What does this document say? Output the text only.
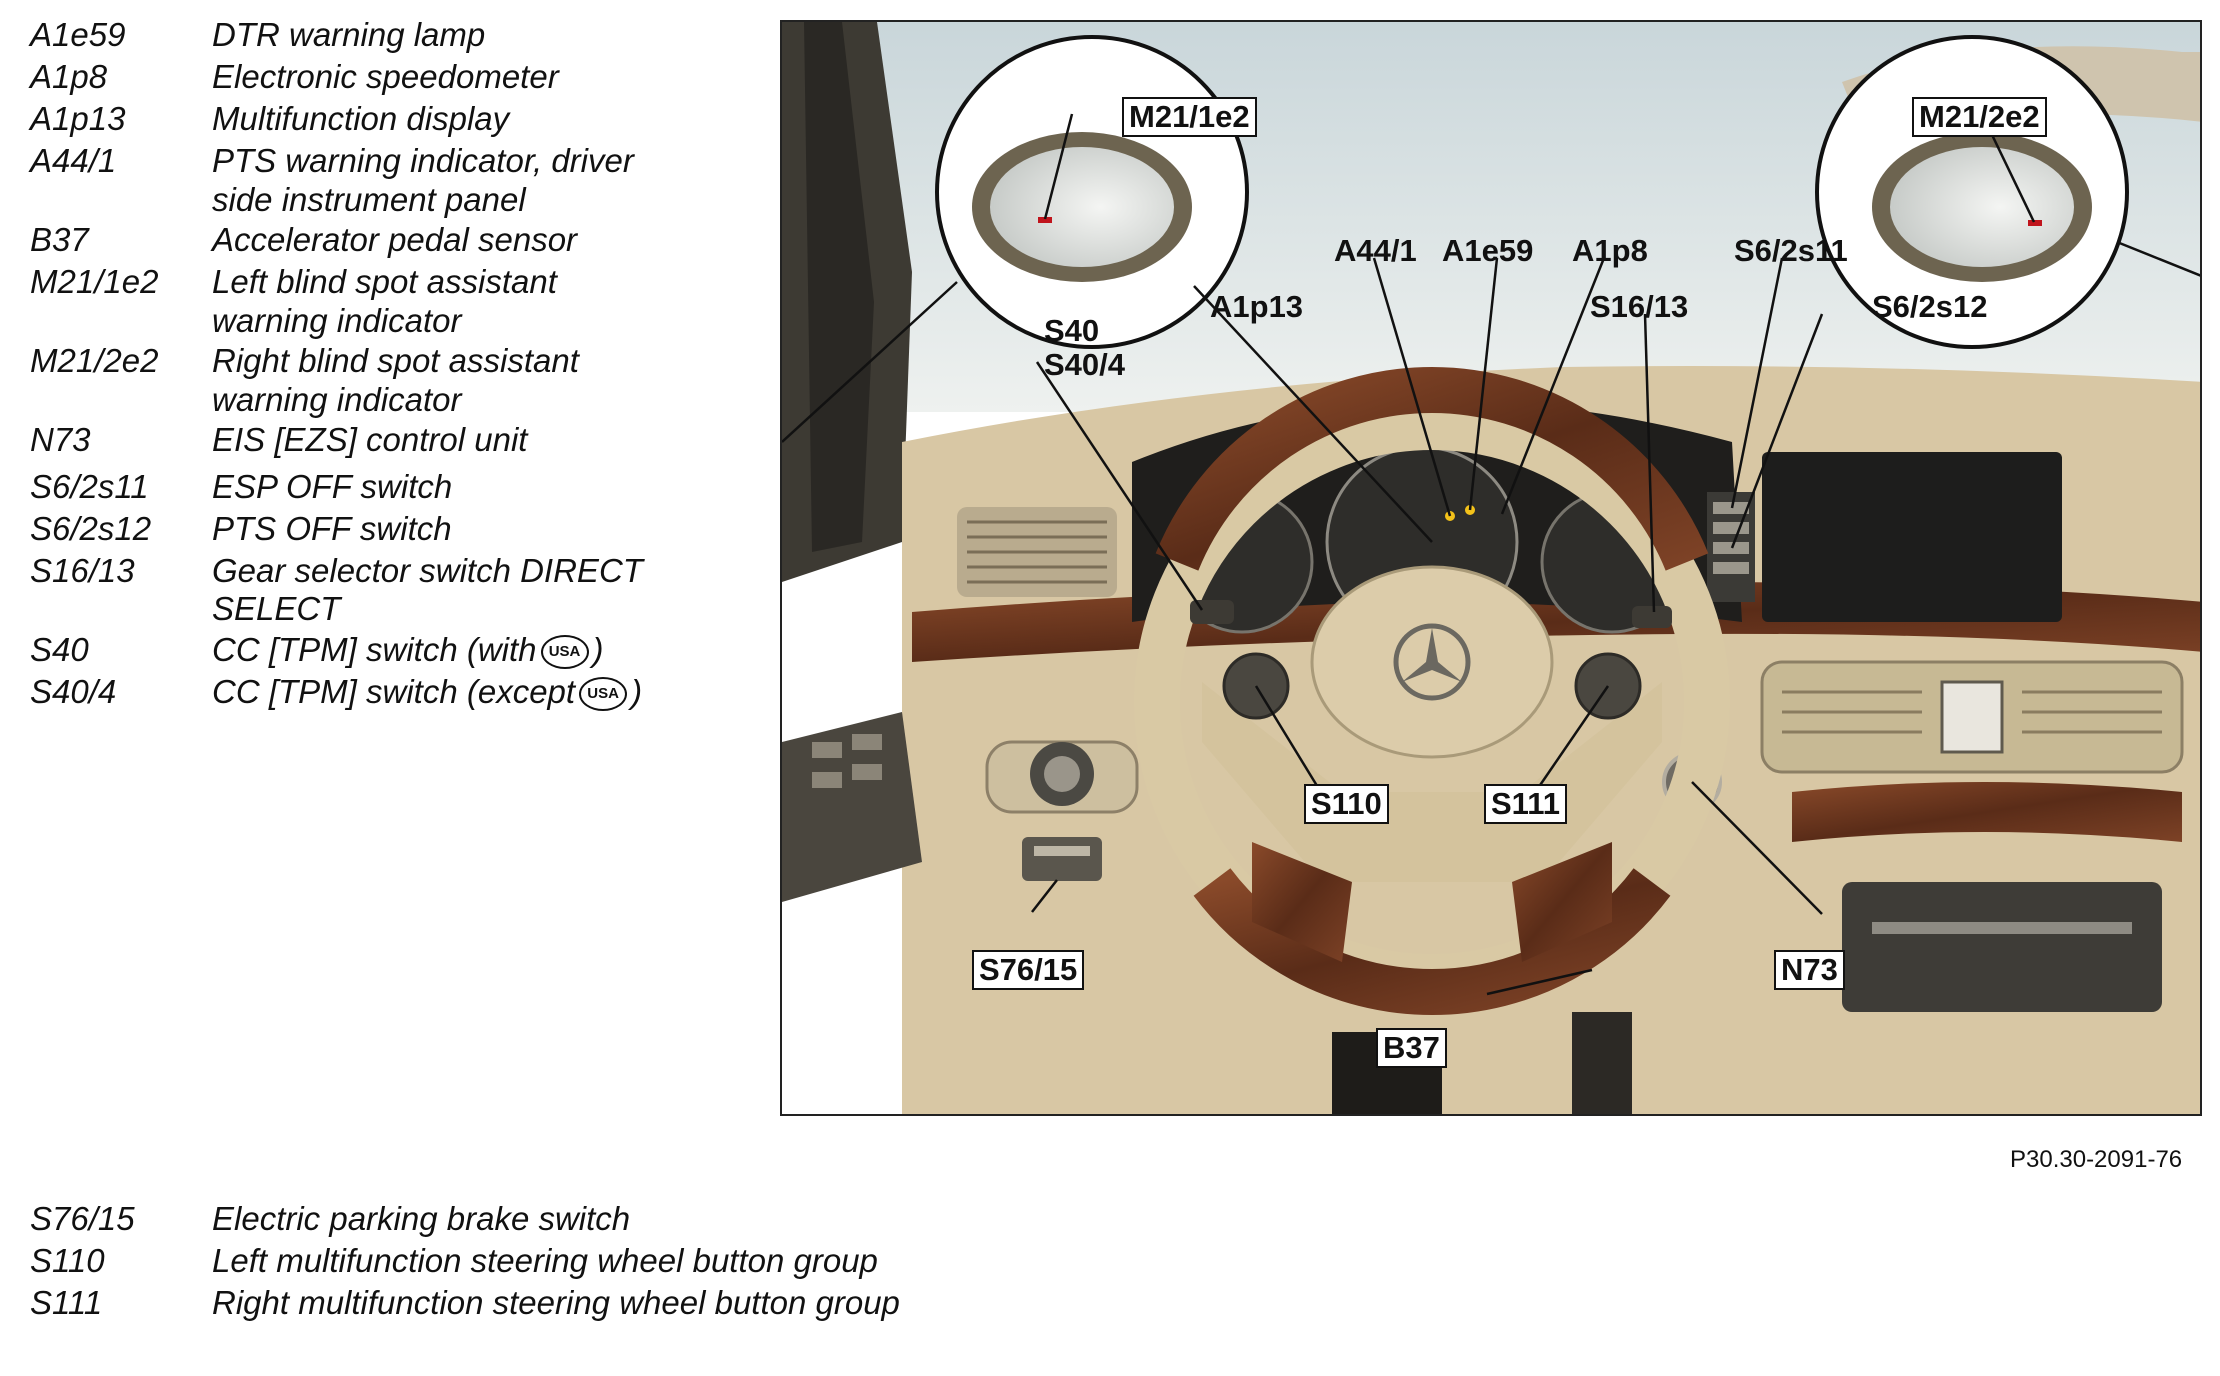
A1e59	DTR warning lamp
A1p8	Electronic speedometer
A1p13	Multifunction display
A44/1	PTS warning indicator, driver
side instrument panel
B37	Accelerator pedal sensor
M21/1e2 Left blind spot assistant
warning indicator
M21/2e2 Right blind spot assistant
warning indicator
N73	EIS [EZS] control unit
S6/2s11 ESP OFF switch
S6/2s12 PTS OFF switch
S16/13 Gear selector switch DIRECT
SELECT
S40	CC [TPM] switch (with USA )
S40/4	CC [TPM] switch (except USA )
M21/1e2	M21/2e2
A44/1 A1e59 A1p8	S6/2s11
A1p13	S16/13	S6/2s12
S40
S40/4
S110	S111
S76/15	N73
B37
P30.30-2091-76
S76/15 Electric parking brake switch
S110	Left multifunction steering wheel button group
S111	Right multifunction steering wheel button group
